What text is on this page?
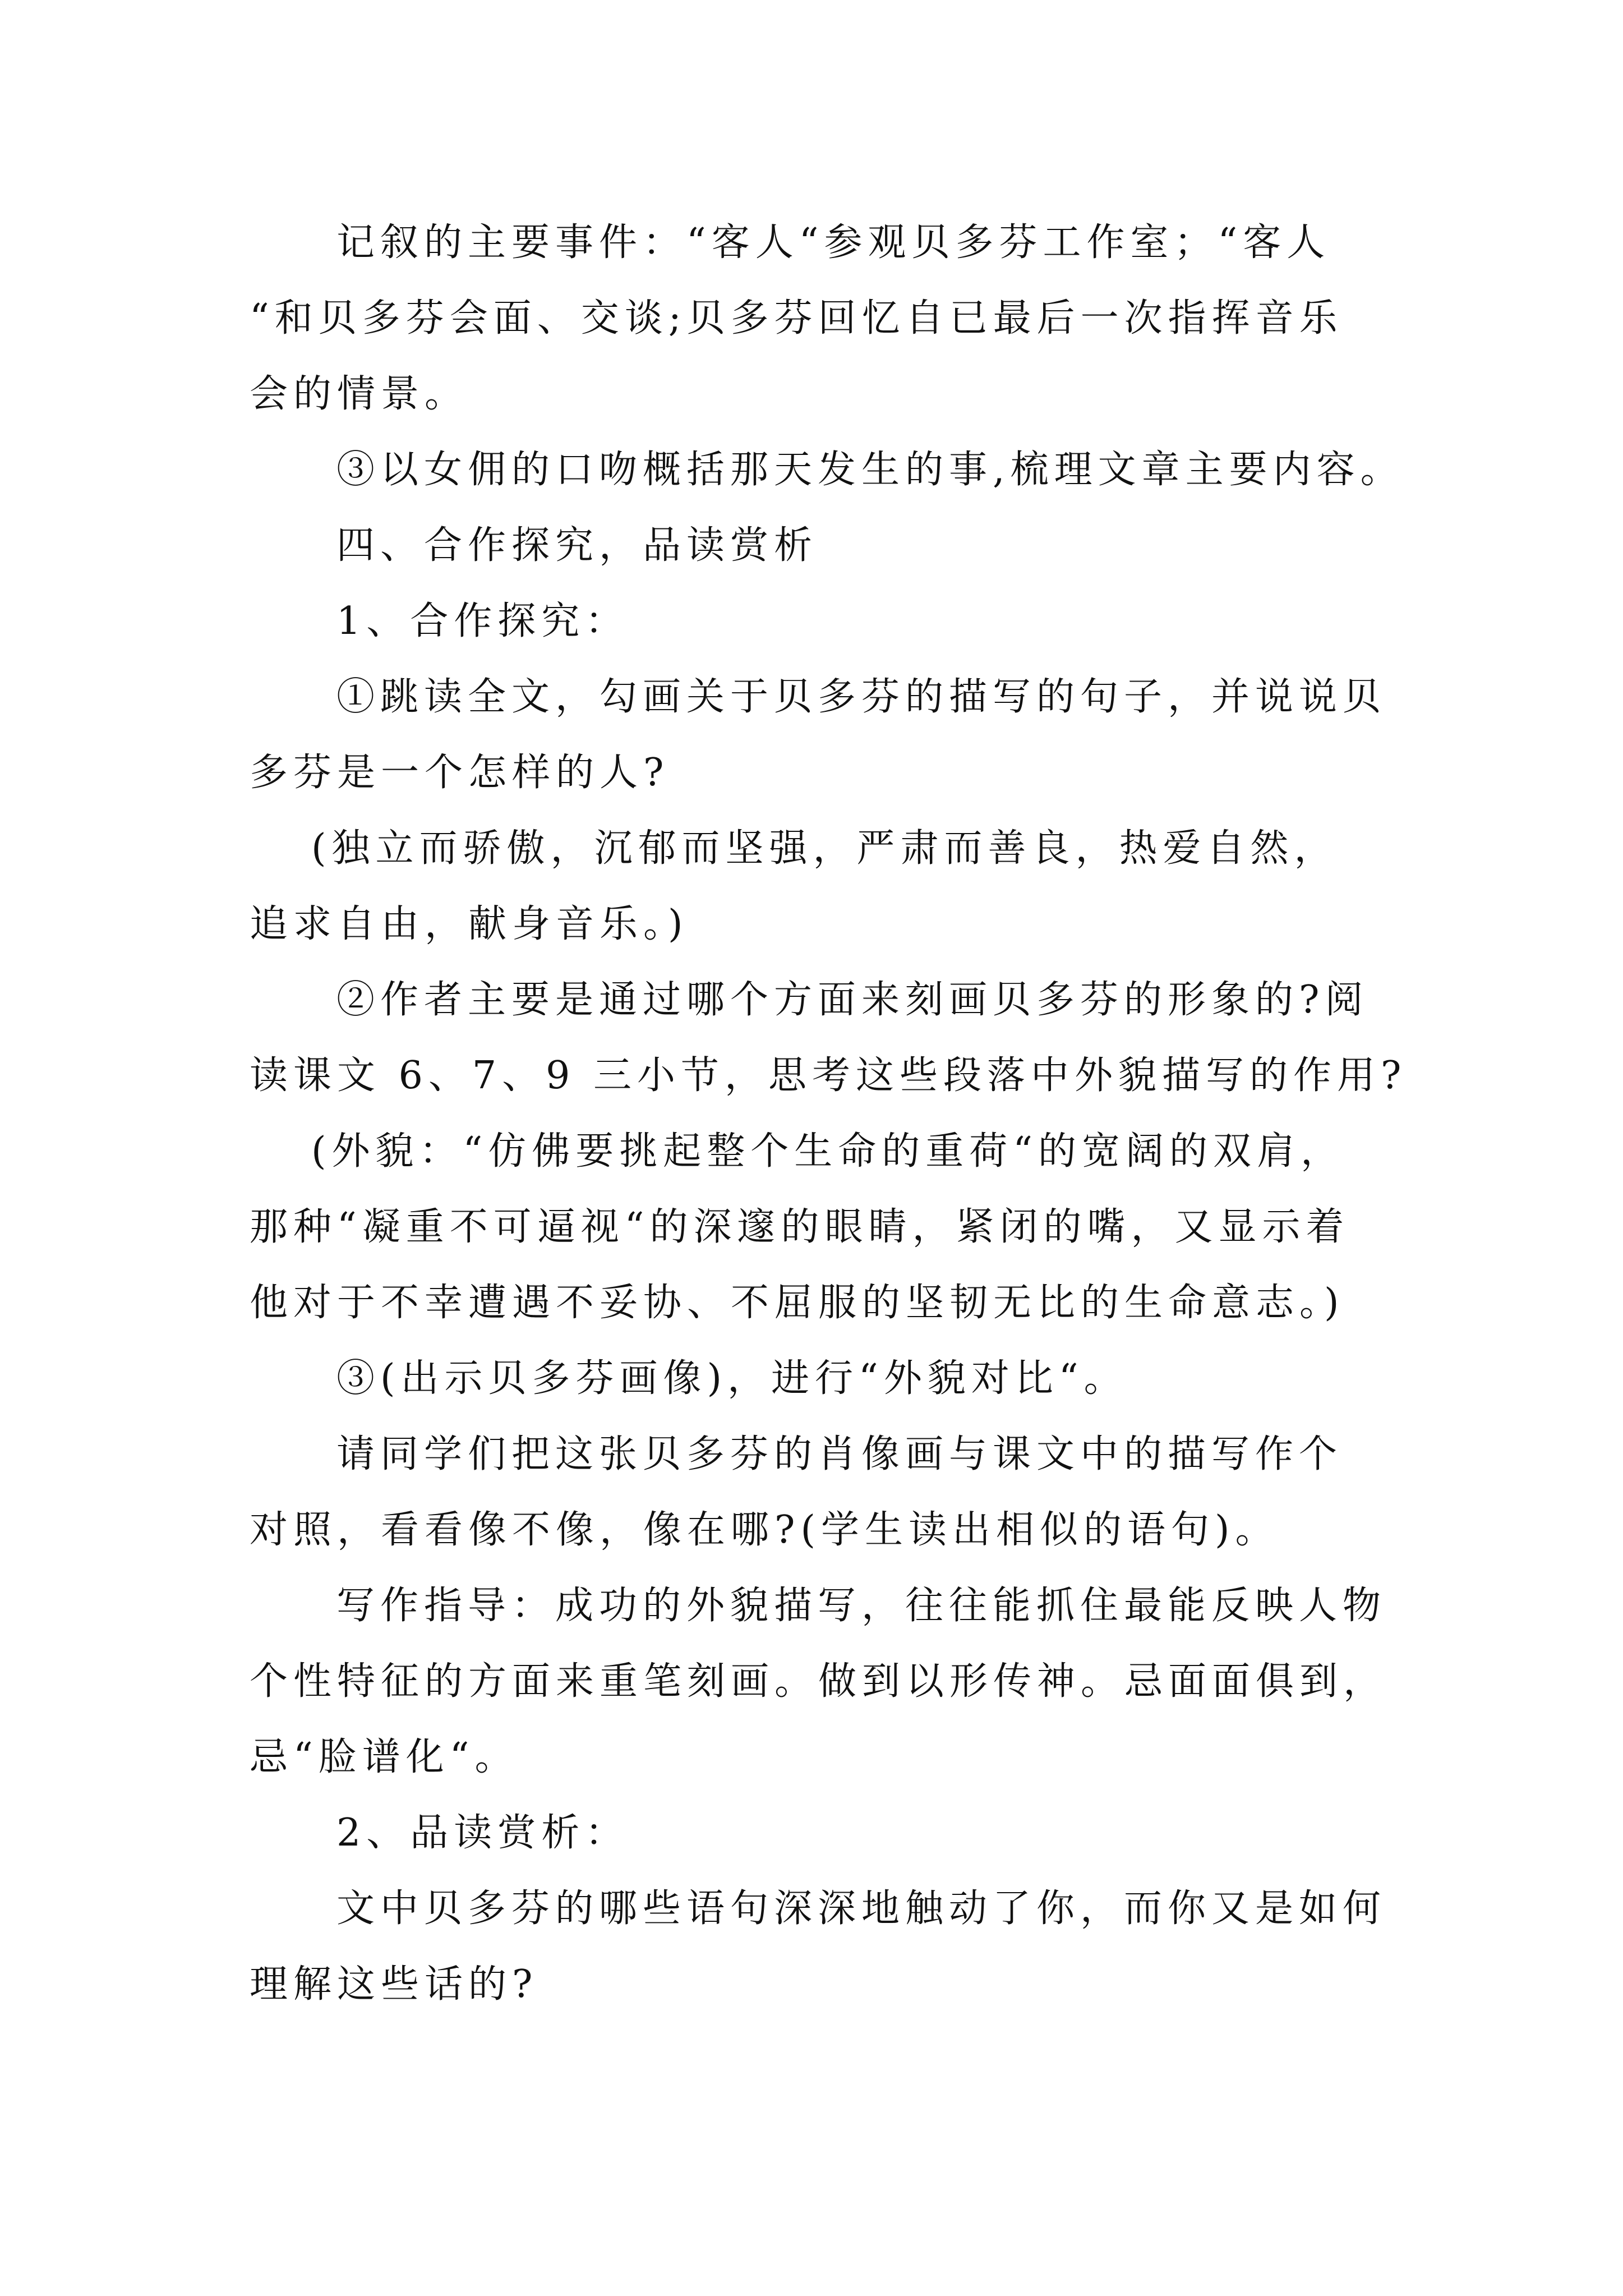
记叙的主要事件：“客人“参观贝多芬工作室；“客人
“和贝多芬会面、交谈;贝多芬回忆自已最后一次指挥音乐
会的情景。
③以女佣的口吻概括那天发生的事,梳理文章主要内容。
四、合作探究，品读赏析
1、合作探究：
①跳读全文，勾画关于贝多芬的描写的句子，并说说贝
多芬是一个怎样的人?
(独立而骄傲，沉郁而坚强，严肃而善良，热爱自然，
追求自由，献身音乐。)
②作者主要是通过哪个方面来刻画贝多芬的形象的?阅
读课文 6、7、9 三小节，思考这些段落中外貌描写的作用?
(外貌：“仿佛要挑起整个生命的重荷“的宽阔的双肩，
那种“凝重不可逼视“的深邃的眼睛，紧闭的嘴，又显示着
他对于不幸遭遇不妥协、不屈服的坚韧无比的生命意志。)
③(出示贝多芬画像)，进行“外貌对比“。
请同学们把这张贝多芬的肖像画与课文中的描写作个
对照，看看像不像，像在哪?(学生读出相似的语句)。
写作指导：成功的外貌描写，往往能抓住最能反映人物
个性特征的方面来重笔刻画。做到以形传神。忌面面俱到，
忌“脸谱化“。
2、品读赏析：
文中贝多芬的哪些语句深深地触动了你，而你又是如何
理解这些话的?
